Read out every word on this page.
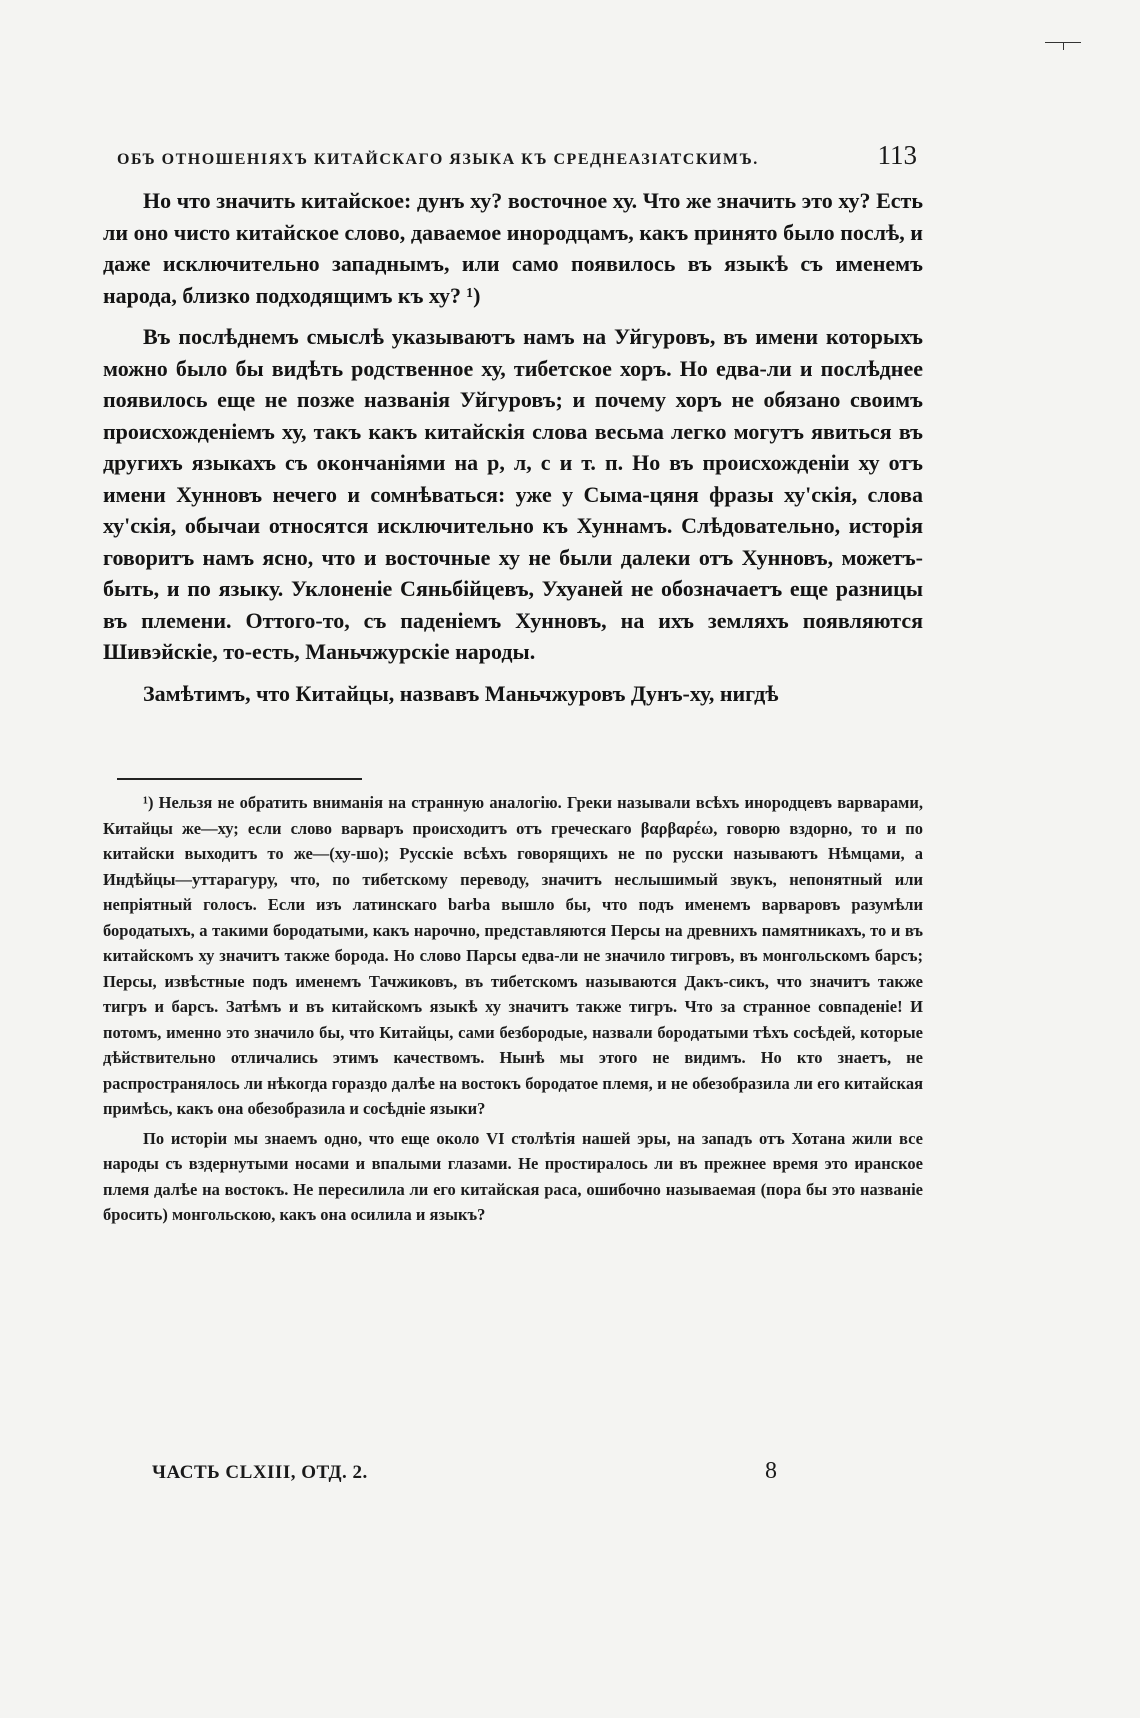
ОБЪ ОТНОШЕНІЯХЪ КИТАЙСКАГО ЯЗЫКА КЪ СРЕДНЕАЗІАТСКИМЪ.	113

Но что значить китайское: дунъ ху? восточное ху. Что же значить это ху? Есть ли оно чисто китайское слово, даваемое инородцамъ, какъ принято было послѣ, и даже исключительно западнымъ, или само появилось въ языкѣ съ именемъ народа, близко подходящимъ къ ху? ¹)

Въ послѣднемъ смыслѣ указываютъ намъ на Уйгуровъ, въ имени которыхъ можно было бы видѣть родственное ху, тибетское хоръ. Но едва-ли и послѣднее появилось еще не позже названія Уйгуровъ; и почему хоръ не обязано своимъ происхожденіемъ ху, такъ какъ китайскія слова весьма легко могутъ явиться въ другихъ языкахъ съ окончаніями на р, л, с и т. п. Но въ происхожденіи ху отъ имени Хунновъ нечего и сомнѣваться: уже у Сыма-цяня фразы ху'скія, слова ху'скія, обычаи относятся исключительно къ Хуннамъ. Слѣдовательно, исторія говоритъ намъ ясно, что и восточные ху не были далеки отъ Хунновъ, можетъ-быть, и по языку. Уклоненіе Сяньбійцевъ, Ухуаней не обозначаетъ еще разницы въ племени. Оттого-то, съ паденіемъ Хунновъ, на ихъ земляхъ появляются Шивэйскіе, то-есть, Маньчжурскіе народы.

Замѣтимъ, что Китайцы, назвавъ Маньчжуровъ Дунъ-ху, нигдѣ

¹) Нельзя не обратить вниманія на странную аналогію. Греки называли всѣхъ инородцевъ варварами, Китайцы же—ху; если слово варваръ происходитъ отъ греческаго βαρβαρέω, говорю вздорно, то и по китайски выходитъ то же—(ху-шо); Русскіе всѣхъ говорящихъ не по русски называютъ Нѣмцами, а Индѣйцы—уттарагуру, что, по тибетскому переводу, значитъ неслышимый звукъ, непонятный или непріятный голосъ. Если изъ латинскаго barba вышло бы, что подъ именемъ варваровъ разумѣли бородатыхъ, а такими бородатыми, какъ нарочно, представляются Персы на древнихъ памятникахъ, то и въ китайскомъ ху значитъ также борода. Но слово Парсы едва-ли не значило тигровъ, въ монгольскомъ барсъ; Персы, извѣстные подъ именемъ Тачжиковъ, въ тибетскомъ называются Дакъ-сикъ, что значитъ также тигръ и барсъ. Затѣмъ и въ китайскомъ языкѣ ху значитъ также тигръ. Что за странное совпаденіе! И потомъ, именно это значило бы, что Китайцы, сами безбородые, назвали бородатыми тѣхъ сосѣдей, которые дѣйствительно отличались этимъ качествомъ. Нынѣ мы этого не видимъ. Но кто знаетъ, не распространялось ли нѣкогда гораздо далѣе на востокъ бородатое племя, и не обезобразила ли его китайская примѣсь, какъ она обезобразила и сосѣдніе языки?

По исторіи мы знаемъ одно, что еще около VI столѣтія нашей эры, на западъ отъ Хотана жили все народы съ вздернутыми носами и впалыми глазами. Не простиралось ли въ прежнее время это иранское племя далѣе на востокъ. Не пересилила ли его китайская раса, ошибочно называемая (пора бы это названіе бросить) монгольскою, какъ она осилила и языкъ?

ЧАСТЬ CLXIII, ОТД. 2.	8
